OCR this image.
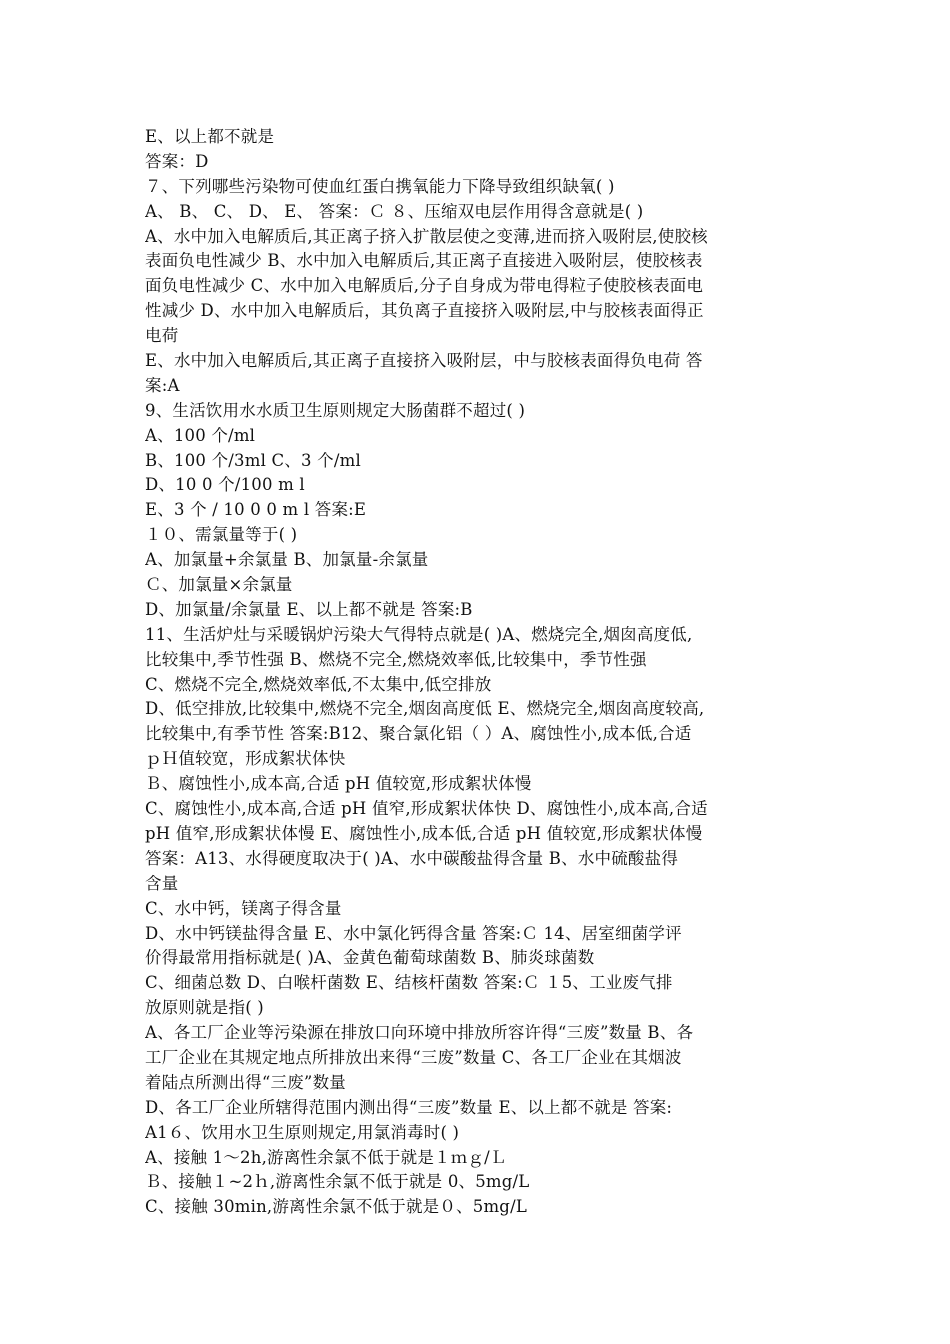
E、以上都不就是
答案：D
７、下列哪些污染物可使血红蛋白携氧能力下降导致组织缺氧( )
A、 B、 C、 D、 E、 答案：Ｃ ８、压缩双电层作用得含意就是( )
A、水中加入电解质后,其正离子挤入扩散层使之变薄,进而挤入吸附层,使胶核
表面负电性减少 B、水中加入电解质后,其正离子直接进入吸附层，使胶核表
面负电性减少 C、水中加入电解质后,分子自身成为带电得粒子使胶核表面电
性减少 D、水中加入电解质后，其负离子直接挤入吸附层,中与胶核表面得正
电荷
E、水中加入电解质后,其正离子直接挤入吸附层，中与胶核表面得负电荷 答
案:A
9、生活饮用水水质卫生原则规定大肠菌群不超过( )
A、100 个/ml
B、100 个/3ml C、3 个/ml
D、10 0 个/100 m l
E、3 个 / 10 0 0 m l 答案:E
１０、需氯量等于( )
A、加氯量+余氯量 B、加氯量-余氯量
Ｃ、加氯量×余氯量
D、加氯量/余氯量 E、以上都不就是 答案:B
11、生活炉灶与采暖锅炉污染大气得特点就是( )A、燃烧完全,烟囱高度低,
比较集中,季节性强 B、燃烧不完全,燃烧效率低,比较集中，季节性强
C、燃烧不完全,燃烧效率低,不太集中,低空排放
D、低空排放,比较集中,燃烧不完全,烟囱高度低 E、燃烧完全,烟囱高度较高,
比较集中,有季节性 答案:B12、聚合氯化铝（ ）A、腐蚀性小,成本低,合适
ｐＨ值较宽，形成絮状体快
Ｂ、腐蚀性小,成本高,合适 pH 值较宽,形成絮状体慢
C、腐蚀性小,成本高,合适 pH 值窄,形成絮状体快 D、腐蚀性小,成本高,合适
pH 值窄,形成絮状体慢 E、腐蚀性小,成本低,合适 pH 值较宽,形成絮状体慢
答案：A13、水得硬度取决于( )A、水中碳酸盐得含量 B、水中硫酸盐得
含量
C、水中钙，镁离子得含量
D、水中钙镁盐得含量 E、水中氯化钙得含量 答案:Ｃ 14、居室细菌学评
价得最常用指标就是( )A、金黄色葡萄球菌数 B、肺炎球菌数
C、细菌总数 D、白喉杆菌数 E、结核杆菌数 答案:Ｃ １5、工业废气排
放原则就是指( )
A、各工厂企业等污染源在排放口向环境中排放所容许得“三废”数量 B、各
工厂企业在其规定地点所排放出来得“三废”数量 C、各工厂企业在其烟波
着陆点所测出得“三废”数量
D、各工厂企业所辖得范围内测出得“三废”数量 E、以上都不就是 答案:
A1６、饮用水卫生原则规定,用氯消毒时( )
A、接触 1～2h,游离性余氯不低于就是１ｍｇ/Ｌ
Ｂ、接触１~2ｈ,游离性余氯不低于就是 0、5mg/L
C、接触 30min,游离性余氯不低于就是０、5mg/L
